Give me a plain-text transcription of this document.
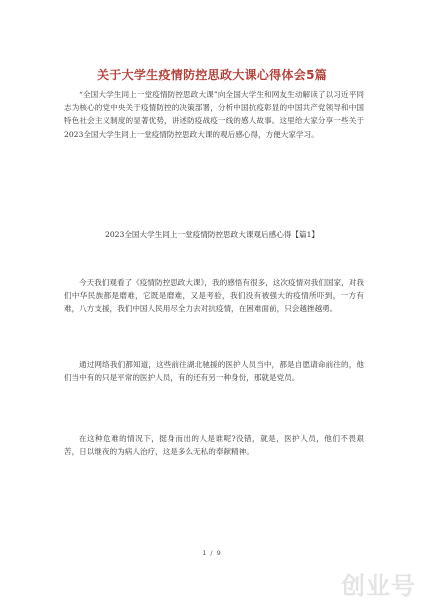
关于大学生疫情防控思政大课心得体会5篇
“全国大学生同上一堂疫情防控思政大课”向全国大学生和网友生动解读了以习近平同志为核心的党中央关于疫情防控的决策部署，分析中国抗疫彰显的中国共产党领导和中国特色社会主义制度的显著优势，讲述防疫战疫一线的感人故事。这里给大家分享一些关于2023全国大学生同上一堂疫情防控思政大课的观后感心得，方便大家学习。
2023全国大学生同上一堂疫情防控思政大课观后感心得【篇1】
今天我们观看了《疫情防控思政大课》，我的感悟有很多，这次疫情对我们国家，对我们中华民族都是磨难，它既是磨难，又是考验，我们没有被强大的疫情所吓到，一方有难，八方支援，我们中国人民用尽全力去对抗疫情，在困难面前，只会越挫越勇。
通过网络我们都知道，这些前往湖北驰援的医护人员当中，都是自愿请命前往的，他们当中有的只是平常的医护人员，有的还有另一种身份，那就是党员。
在这种危难的情况下，挺身而出的人是谁呢?没错，就是，医护人员，他们不畏艰苦，日以继夜的为病人治疗，这是多么无私的奉献精神。
1 / 9
创业号
